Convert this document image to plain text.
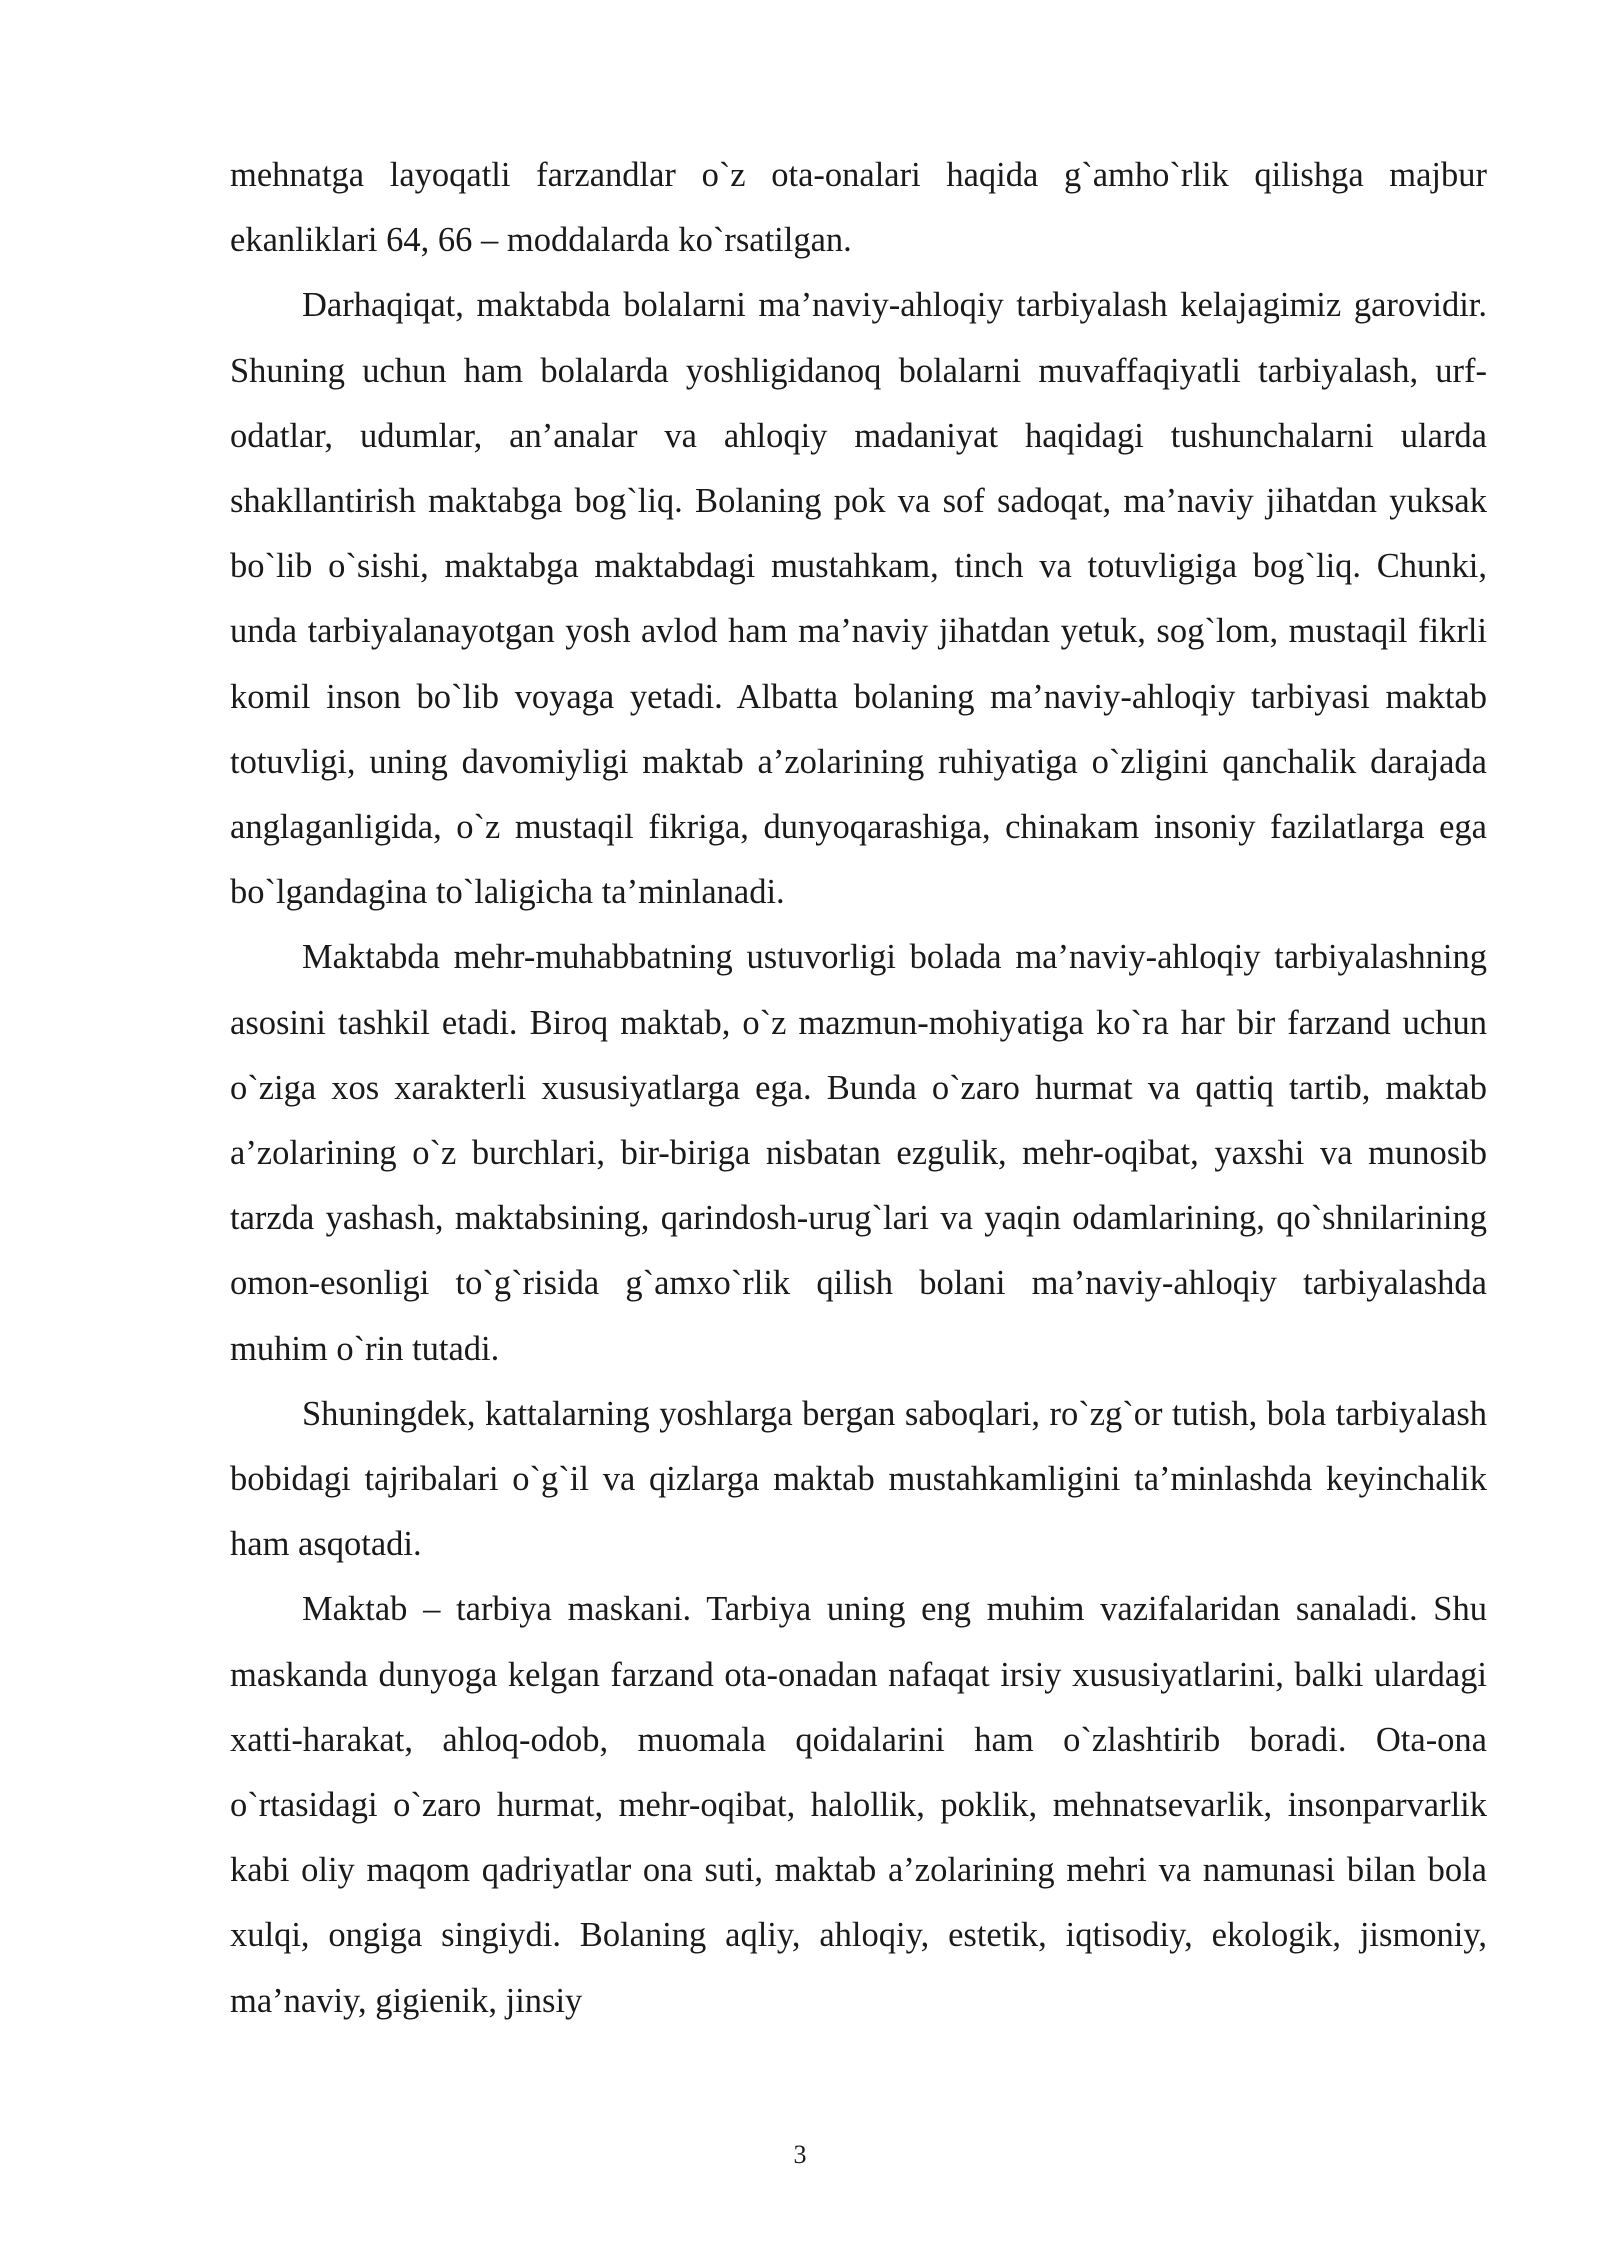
mehnatga layoqatli farzandlar o`z ota-onalari haqida g`amho`rlik qilishga majbur ekanliklari 64, 66 – moddalarda ko`rsatilgan.

Darhaqiqat, maktabda bolalarni ma’naviy-ahloqiy tarbiyalash kelajagimiz garovidir. Shuning uchun ham bolalarda yoshligidanoq bolalarni muvaffaqiyatli tarbiyalash, urf-odatlar, udumlar, an’analar va ahloqiy madaniyat haqidagi tushunchalarni ularda shakllantirish maktabga bog`liq. Bolaning pok va sof sadoqat, ma’naviy jihatdan yuksak bo`lib o`sishi, maktabga maktabdagi mustahkam, tinch va totuvligiga bog`liq. Chunki, unda tarbiyalanayotgan yosh avlod ham ma’naviy jihatdan yetuk, sog`lom, mustaqil fikrli komil inson bo`lib voyaga yetadi. Albatta bolaning ma’naviy-ahloqiy tarbiyasi maktab totuvligi, uning davomiyligi maktab a’zolarining ruhiyatiga o`zligini qanchalik darajada anglaganligida, o`z mustaqil fikriga, dunyoqarashiga, chinakam insoniy fazilatlarga ega bo`lgandagina to`laligicha ta’minlanadi.

Maktabda mehr-muhabbatning ustuvorligi bolada ma’naviy-ahloqiy tarbiyalashning asosini tashkil etadi. Biroq maktab, o`z mazmun-mohiyatiga ko`ra har bir farzand uchun o`ziga xos xarakterli xususiyatlarga ega. Bunda o`zaro hurmat va qattiq tartib, maktab a’zolarining o`z burchlari, bir-biriga nisbatan ezgulik, mehr-oqibat, yaxshi va munosib tarzda yashash, maktabsining, qarindosh-urug`lari va yaqin odamlarining, qo`shnilarining omon-esonligi to`g`risida g`amxo`rlik qilish bolani ma’naviy-ahloqiy tarbiyalashda muhim o`rin tutadi.

Shuningdek, kattalarning yoshlarga bergan saboqlari, ro`zg`or tutish, bola tarbiyalash bobidagi tajribalari o`g`il va qizlarga maktab mustahkamligini ta’minlashda keyinchalik ham asqotadi.

Maktab – tarbiya maskani. Tarbiya uning eng muhim vazifalaridan sanaladi. Shu maskanda dunyoga kelgan farzand ota-onadan nafaqat irsiy xususiyatlarini, balki ulardagi xatti-harakat, ahloq-odob, muomala qoidalarini ham o`zlashtirib boradi. Ota-ona o`rtasidagi o`zaro hurmat, mehr-oqibat, halollik, poklik, mehnatsevarlik, insonparvarlik kabi oliy maqom qadriyatlar ona suti, maktab a’zolarining mehri va namunasi bilan bola xulqi, ongiga singiydi. Bolaning aqliy, ahloqiy, estetik, iqtisodiy, ekologik, jismoniy, ma’naviy, gigienik, jinsiy

3
